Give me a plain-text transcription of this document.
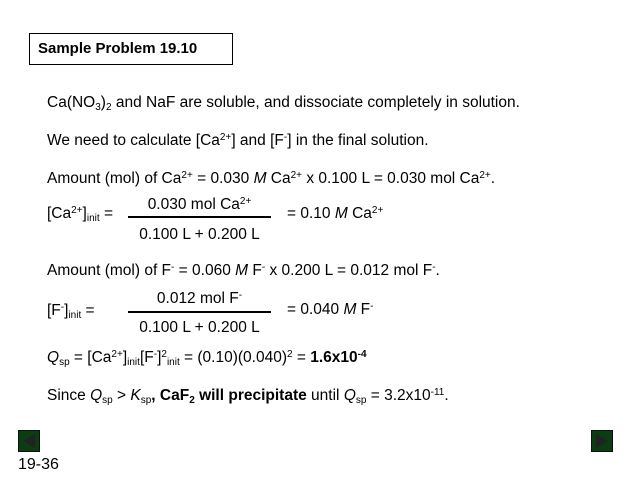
Sample Problem 19.10
$Ca(NO_3)_2$ and NaF are soluble, and dissociate completely in solution.
We need to calculate $[Ca^{2+}]$ and [F-] in the final solution.
Amount (mol) of $Ca^{2+} = 0.030$ M $Ca^{2+}$ x 0.100 L = 0.030 mol $Ca^{2+}$.
$[Ca^{2+}]_{init}$ =
0.030 mol $Ca^{2+}$
0.100 L + 0.200 L
= 0.10 M $Ca^{2+}$
Amount (mol) of F- = 0.060 M F- x 0.200 L = 0.012 mol F-.
$[F^-]_{init}$ =
0.012 mol F-
0.100 L + 0.200 L
= 0.040 M F-
$Q_{sp} = [Ca^{2+}]_{init}[F^-]^2_{init} = (0.10)(0.040)^2 = 1.6x10^{-4}$
Since $Q_{sp} > K_{sp}$, CaF$_2$ will precipitate until $Q_{sp} = 3.2x10^{-11}$.
19-36
